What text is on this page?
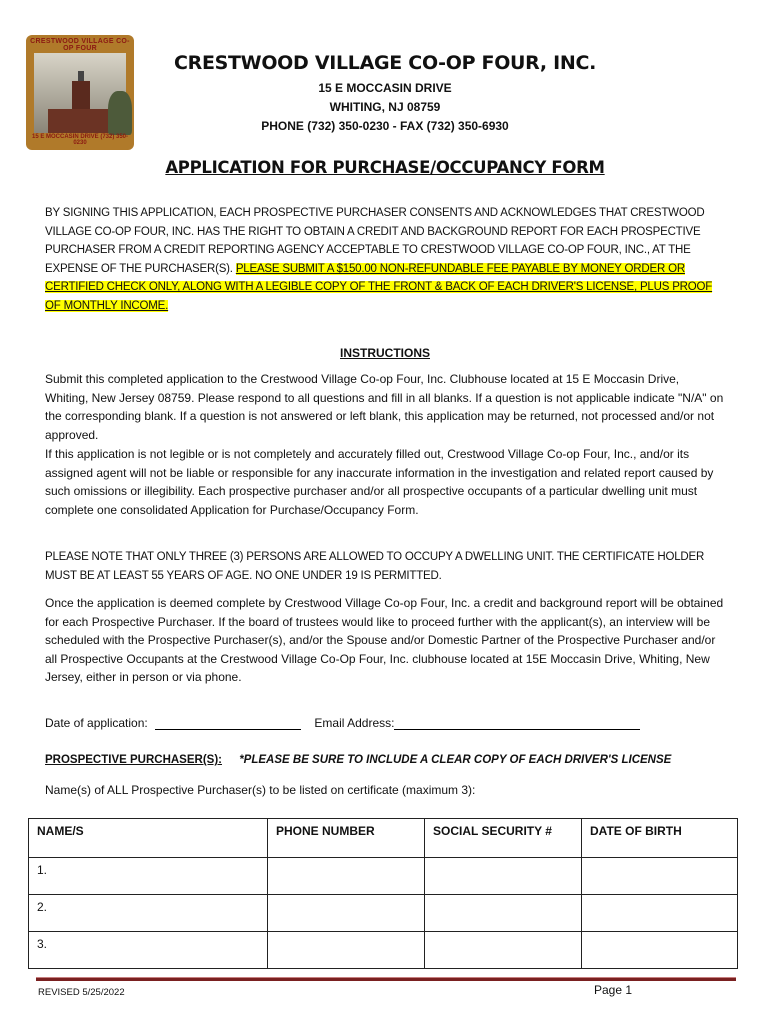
CRESTWOOD VILLAGE CO-OP FOUR
15 E MOCCASIN DRIVE (732) 350-0230
CRESTWOOD VILLAGE CO-OP FOUR, INC.
15 E MOCCASIN DRIVE
WHITING, NJ 08759
PHONE (732) 350-0230 - FAX (732) 350-6930
APPLICATION FOR PURCHASE/OCCUPANCY FORM
BY SIGNING THIS APPLICATION, EACH PROSPECTIVE PURCHASER CONSENTS AND ACKNOWLEDGES THAT CRESTWOOD VILLAGE CO-OP FOUR, INC. HAS THE RIGHT TO OBTAIN A CREDIT AND BACKGROUND REPORT FOR EACH PROSPECTIVE PURCHASER FROM A CREDIT REPORTING AGENCY ACCEPTABLE TO CRESTWOOD VILLAGE CO-OP FOUR, INC., AT THE EXPENSE OF THE PURCHASER(S). PLEASE SUBMIT A $150.00 NON-REFUNDABLE FEE PAYABLE BY MONEY ORDER OR CERTIFIED CHECK ONLY, ALONG WITH A LEGIBLE COPY OF THE FRONT & BACK OF EACH DRIVER'S LICENSE, PLUS PROOF OF MONTHLY INCOME.
INSTRUCTIONS
Submit this completed application to the Crestwood Village Co-op Four, Inc. Clubhouse located at 15 E Moccasin Drive, Whiting, New Jersey 08759. Please respond to all questions and fill in all blanks. If a question is not applicable indicate "N/A" on the corresponding blank. If a question is not answered or left blank, this application may be returned, not processed and/or not approved.
If this application is not legible or is not completely and accurately filled out, Crestwood Village Co-op Four, Inc., and/or its assigned agent will not be liable or responsible for any inaccurate information in the investigation and related report caused by such omissions or illegibility. Each prospective purchaser and/or all prospective occupants of a particular dwelling unit must complete one consolidated Application for Purchase/Occupancy Form.
PLEASE NOTE THAT ONLY THREE (3) PERSONS ARE ALLOWED TO OCCUPY A DWELLING UNIT. THE CERTIFICATE HOLDER MUST BE AT LEAST 55 YEARS OF AGE. NO ONE UNDER 19 IS PERMITTED.
Once the application is deemed complete by Crestwood Village Co-op Four, Inc. a credit and background report will be obtained for each Prospective Purchaser. If the board of trustees would like to proceed further with the applicant(s), an interview will be scheduled with the Prospective Purchaser(s), and/or the Spouse and/or Domestic Partner of the Prospective Purchaser and/or all Prospective Occupants at the Crestwood Village Co-Op Four, Inc. clubhouse located at 15E Moccasin Drive, Whiting, New Jersey, either in person or via phone.
Date of application:	Email Address:
PROSPECTIVE PURCHASER(S): *PLEASE BE SURE TO INCLUDE A CLEAR COPY OF EACH DRIVER'S LICENSE
Name(s) of ALL Prospective Purchaser(s) to be listed on certificate (maximum 3):
NAME/S	PHONE NUMBER	SOCIAL SECURITY #	DATE OF BIRTH
1.			
2.			
3.			
REVISED 5/25/2022	Page 1
